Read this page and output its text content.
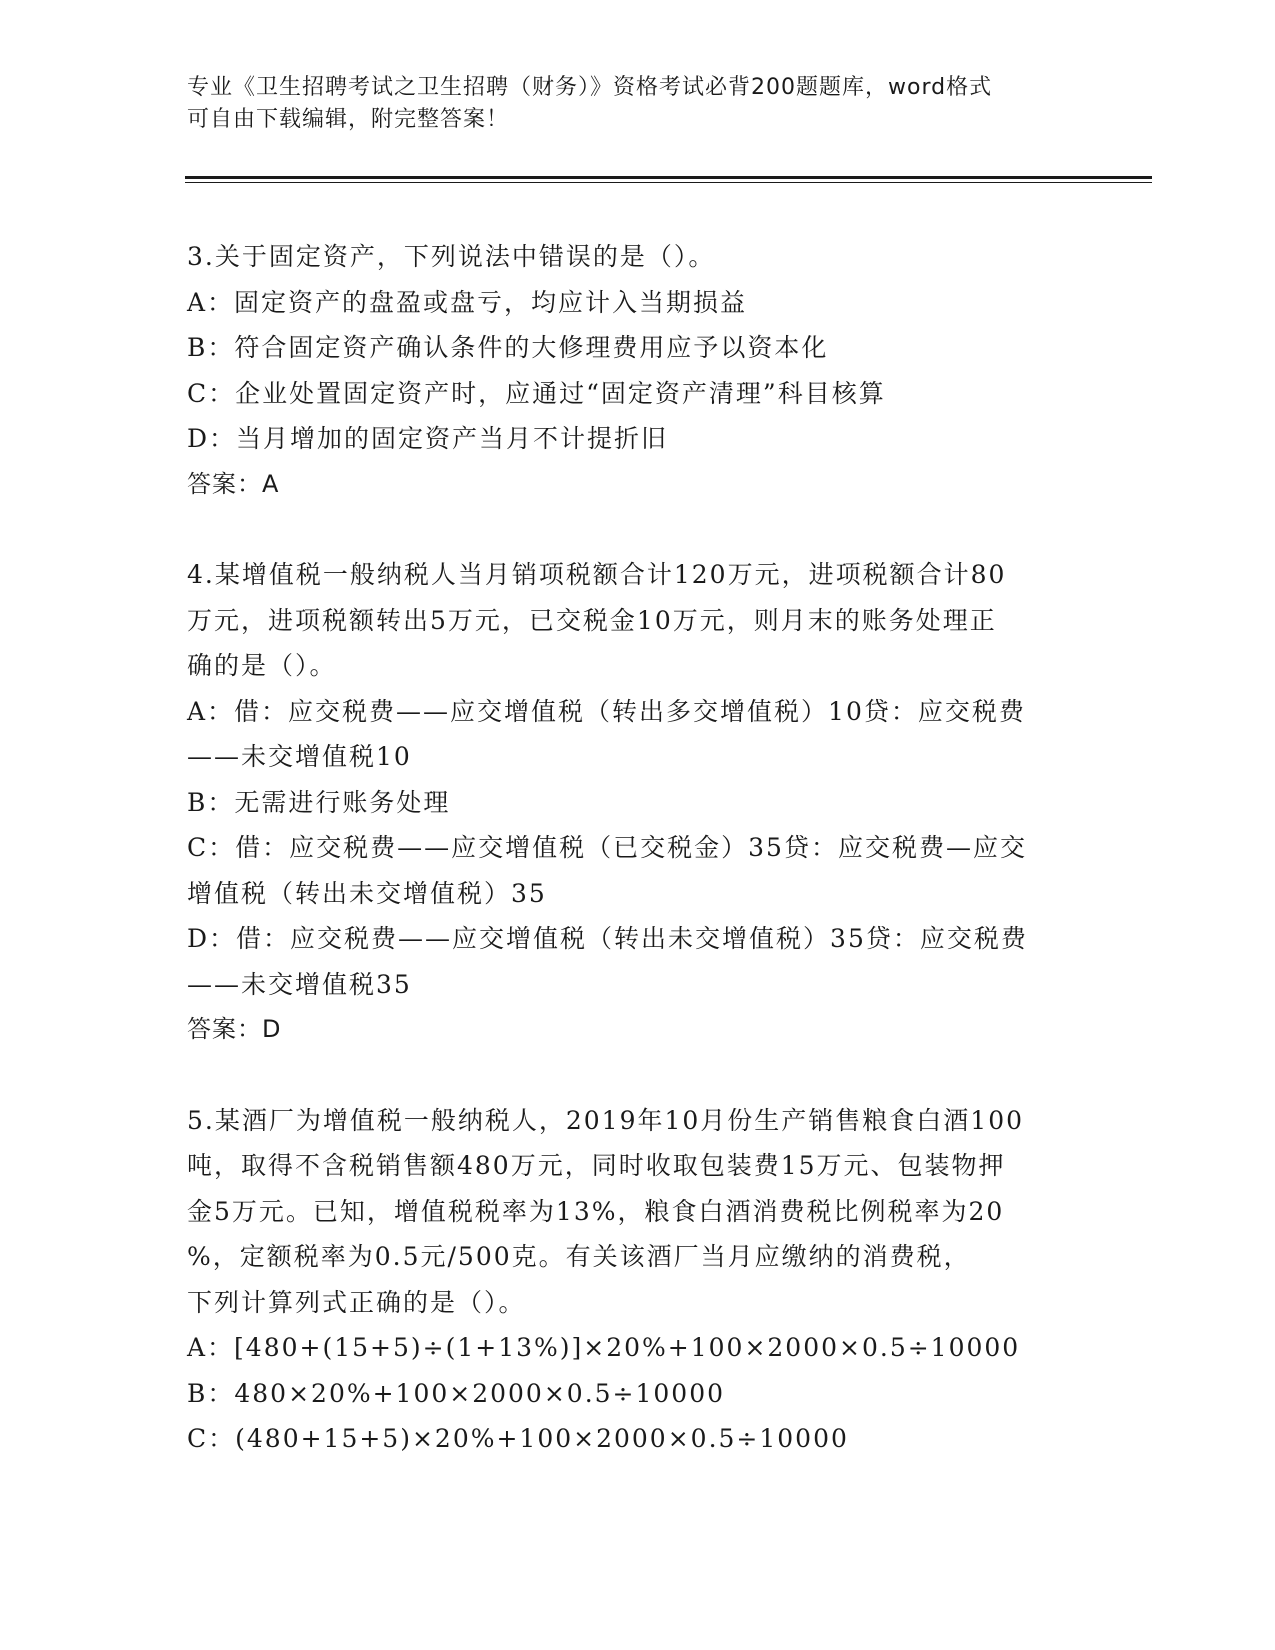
专业《卫生招聘考试之卫生招聘（财务）》资格考试必背200题题库，word格式
可自由下载编辑，附完整答案！

3.关于固定资产，下列说法中错误的是（）。

A：固定资产的盘盈或盘亏，均应计入当期损益

B：符合固定资产确认条件的大修理费用应予以资本化

C：企业处置固定资产时，应通过“固定资产清理”科目核算

D：当月增加的固定资产当月不计提折旧

答案：A

4.某增值税一般纳税人当月销项税额合计120万元，进项税额合计80

万元，进项税额转出5万元，已交税金10万元，则月末的账务处理正

确的是（）。

A：借：应交税费——应交增值税（转出多交增值税）10贷：应交税费

——未交增值税10

B：无需进行账务处理

C：借：应交税费——应交增值税（已交税金）35贷：应交税费—应交

增值税（转出未交增值税）35

D：借：应交税费——应交增值税（转出未交增值税）35贷：应交税费

——未交增值税35

答案：D

5.某酒厂为增值税一般纳税人，2019年10月份生产销售粮食白酒100

吨，取得不含税销售额480万元，同时收取包装费15万元、包装物押

金5万元。已知，增值税税率为13%，粮食白酒消费税比例税率为20

%，定额税率为0.5元/500克。有关该酒厂当月应缴纳的消费税，

下列计算列式正确的是（）。

A：[480+(15+5)÷(1+13%)]×20%+100×2000×0.5÷10000

B：480×20%+100×2000×0.5÷10000

C：(480+15+5)×20%+100×2000×0.5÷10000
